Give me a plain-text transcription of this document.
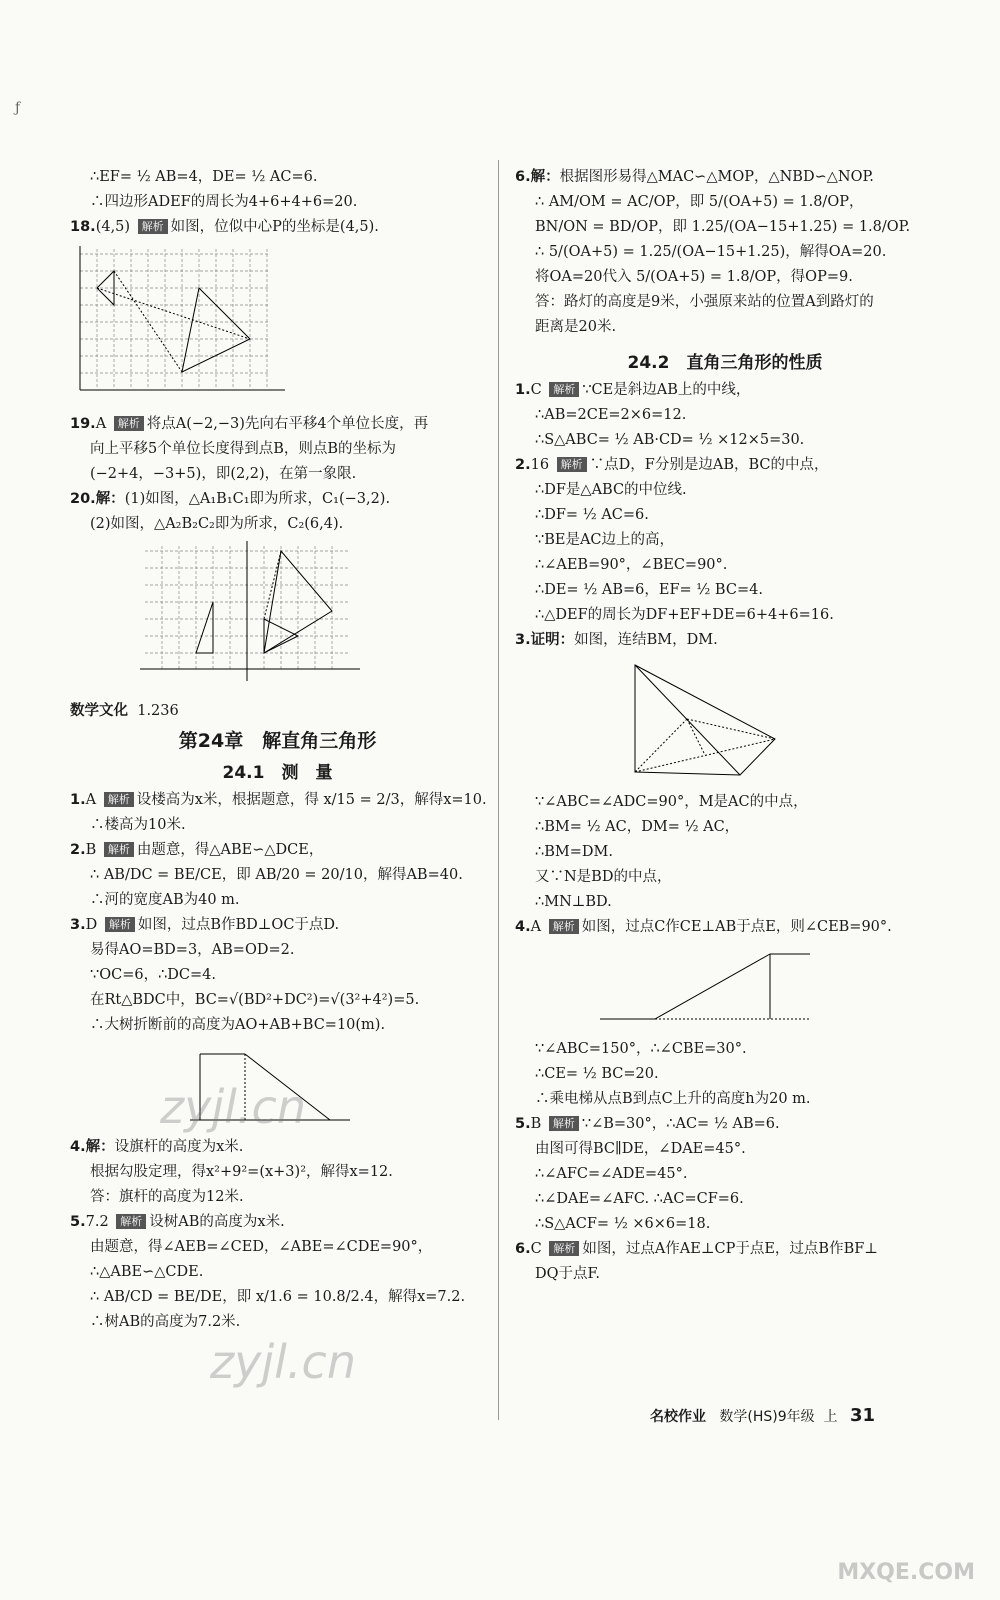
ƒ
∴EF= ½ AB=4，DE= ½ AC=6.
∴四边形ADEF的周长为4+6+4+6=20.
18.(4,5) 解析 如图，位似中心P的坐标是(4,5).
19.A 解析 将点A(−2,−3)先向右平移4个单位长度，再
向上平移5个单位长度得到点B，则点B的坐标为
(−2+4，−3+5)，即(2,2)，在第一象限.
20.解：(1)如图，△A₁B₁C₁即为所求，C₁(−3,2).
(2)如图，△A₂B₂C₂即为所求，C₂(6,4).
数学文化 1.236
第24章　解直角三角形
24.1　测　量
1.A 解析 设楼高为x米，根据题意，得 x/15 = 2/3，解得x=10.
∴楼高为10米.
2.B 解析 由题意，得△ABE∽△DCE，
∴ AB/DC = BE/CE，即 AB/20 = 20/10，解得AB=40.
∴河的宽度AB为40 m.
3.D 解析 如图，过点B作BD⊥OC于点D.
易得AO=BD=3，AB=OD=2.
∵OC=6，∴DC=4.
在Rt△BDC中，BC=√(BD²+DC²)=√(3²+4²)=5.
∴大树折断前的高度为AO+AB+BC=10(m).
4.解：设旗杆的高度为x米.
根据勾股定理，得x²+9²=(x+3)²，解得x=12.
答：旗杆的高度为12米.
5.7.2 解析 设树AB的高度为x米.
由题意，得∠AEB=∠CED，∠ABE=∠CDE=90°，
∴△ABE∽△CDE.
∴ AB/CD = BE/DE，即 x/1.6 = 10.8/2.4，解得x=7.2.
∴树AB的高度为7.2米.
6.解：根据图形易得△MAC∽△MOP，△NBD∽△NOP.
∴ AM/OM = AC/OP，即 5/(OA+5) = 1.8/OP，
BN/ON = BD/OP，即 1.25/(OA−15+1.25) = 1.8/OP.
∴ 5/(OA+5) = 1.25/(OA−15+1.25)，解得OA=20.
将OA=20代入 5/(OA+5) = 1.8/OP，得OP=9.
答：路灯的高度是9米，小强原来站的位置A到路灯的
距离是20米.
24.2　直角三角形的性质
1.C 解析 ∵CE是斜边AB上的中线，
∴AB=2CE=2×6=12.
∴S△ABC= ½ AB·CD= ½ ×12×5=30.
2.16 解析 ∵点D，F分别是边AB，BC的中点，
∴DF是△ABC的中位线.
∴DF= ½ AC=6.
∵BE是AC边上的高，
∴∠AEB=90°，∠BEC=90°.
∴DE= ½ AB=6，EF= ½ BC=4.
∴△DEF的周长为DF+EF+DE=6+4+6=16.
3.证明：如图，连结BM，DM.
∵∠ABC=∠ADC=90°，M是AC的中点，
∴BM= ½ AC，DM= ½ AC，
∴BM=DM.
又∵N是BD的中点，
∴MN⊥BD.
4.A 解析 如图，过点C作CE⊥AB于点E，则∠CEB=90°.
∵∠ABC=150°，∴∠CBE=30°.
∴CE= ½ BC=20.
∴乘电梯从点B到点C上升的高度h为20 m.
5.B 解析 ∵∠B=30°，∴AC= ½ AB=6.
由图可得BC∥DE，∠DAE=45°.
∴∠AFC=∠ADE=45°.
∴∠DAE=∠AFC. ∴AC=CF=6.
∴S△ACF= ½ ×6×6=18.
6.C 解析 如图，过点A作AE⊥CP于点E，过点B作BF⊥
DQ于点F.
名校作业 数学(HS)9年级 上 31
zyjl.cn
zyjl.cn
MXQE.COM
